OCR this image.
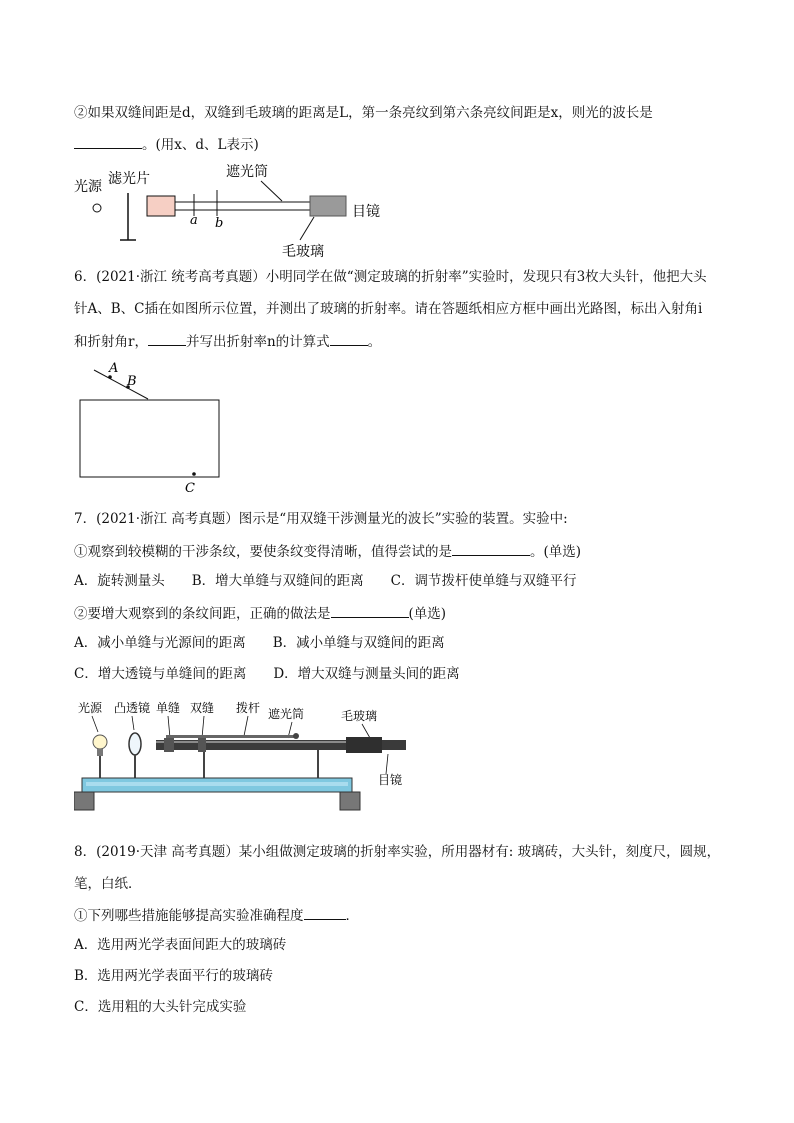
②如果双缝间距是d，双缝到毛玻璃的距离是L，第一条亮纹到第六条亮纹间距是x，则光的波长是
。(用x、d、L表示)
光源 滤光片
a b
目镜
遮光筒
毛玻璃
6．(2021·浙江 统考高考真题）小明同学在做“测定玻璃的折射率”实验时，发现只有3枚大头针，他把大头
针A、B、C插在如图所示位置，并测出了玻璃的折射率。请在答题纸相应方框中画出光路图，标出入射角i
和折射角r，	并写出折射率n的计算式	。
A
B
C
7．(2021·浙江 高考真题）图示是“用双缝干涉测量光的波长”实验的装置。实验中:
①观察到较模糊的干涉条纹，要使条纹变得清晰，值得尝试的是	。(单选)
A．旋转测量头　　B．增大单缝与双缝间的距离　　C．调节拨杆使单缝与双缝平行
②要增大观察到的条纹间距，正确的做法是	(单选)
A．减小单缝与光源间的距离　　B．减小单缝与双缝间的距离
C．增大透镜与单缝间的距离　　D．增大双缝与测量头间的距离
光源 凸透镜 单缝 双缝 拨杆 遮光筒	毛玻璃
目镜
8．(2019·天津 高考真题）某小组做测定玻璃的折射率实验，所用器材有: 玻璃砖，大头针，刻度尺，圆规，
笔，白纸．
①下列哪些措施能够提高实验准确程度	．
A．选用两光学表面间距大的玻璃砖
B．选用两光学表面平行的玻璃砖
C．选用粗的大头针完成实验
